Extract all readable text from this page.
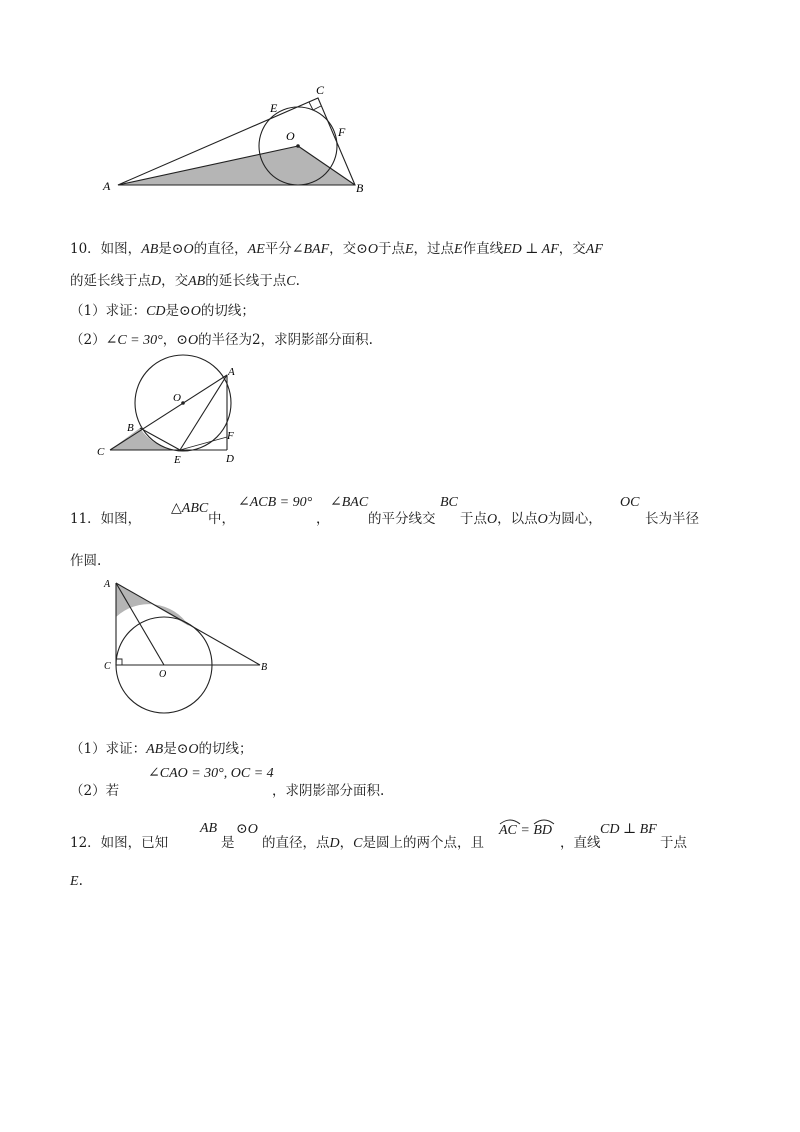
A	B
C
E
F
O
10．如图，AB是⊙O的直径，AE平分∠BAF，交⊙O于点E，过点E作直线ED ⊥ AF，交AF
的延长线于点D，交AB的延长线于点C.
（1）求证：CD是⊙O的切线；
（2）∠C = 30°，⊙O的半径为2，求阴影部分面积.
A
B
C
D
E
F
O
11．如图，
△ABC
中，
∠ACB = 90°
，
∠BAC
的平分线交
BC
于点O，以点O为圆心，
OC
长为半径
作圆.
A
C
O
B
（1）求证：AB是⊙O的切线；
（2）若
∠CAO = 30°, OC = 4
，求阴影部分面积.
12．如图，已知
AB
是
⊙O
的直径，点D，C是圆上的两个点，且
AC
= BD
，直线
CD ⊥ BF
于点
E.
